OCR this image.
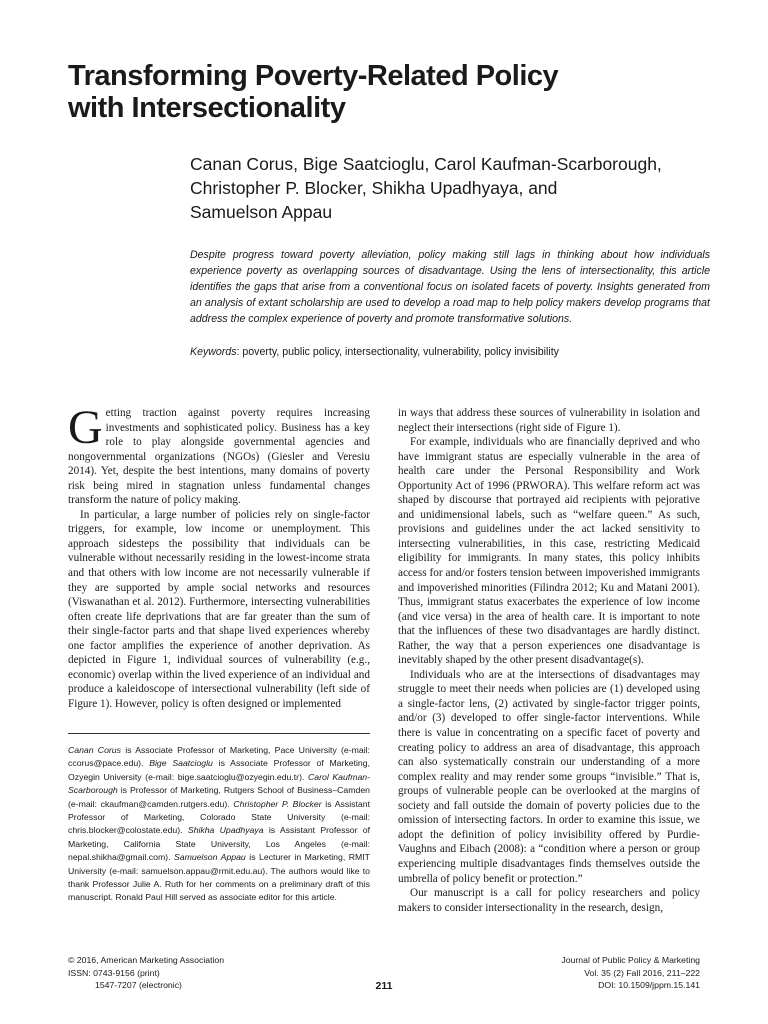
Transforming Poverty-Related Policy
with Intersectionality
Canan Corus, Bige Saatcioglu, Carol Kaufman-Scarborough,
Christopher P. Blocker, Shikha Upadhyaya, and
Samuelson Appau
Despite progress toward poverty alleviation, policy making still lags in thinking about how individuals experience poverty as overlapping sources of disadvantage. Using the lens of intersectionality, this article identifies the gaps that arise from a conventional focus on isolated facets of poverty. Insights generated from an analysis of extant scholarship are used to develop a road map to help policy makers develop programs that address the complex experience of poverty and promote transformative solutions.
Keywords: poverty, public policy, intersectionality, vulnerability, policy invisibility

Getting traction against poverty requires increasing investments and sophisticated policy. Business has a key role to play alongside governmental agencies and nongovernmental organizations (NGOs) (Giesler and Veresiu 2014). Yet, despite the best intentions, many domains of poverty risk being mired in stagnation unless fundamental changes transform the nature of policy making.

In particular, a large number of policies rely on single-factor triggers, for example, low income or unemployment. This approach sidesteps the possibility that individuals can be vulnerable without necessarily residing in the lowest-income strata and that others with low income are not necessarily vulnerable if they are supported by ample social networks and resources (Viswanathan et al. 2012). Furthermore, intersecting vulnerabilities often create life deprivations that are far greater than the sum of their single-factor parts and that shape lived experiences whereby one factor amplifies the experience of another deprivation. As depicted in Figure 1, individual sources of vulnerability (e.g., economic) overlap within the lived experience of an individual and produce a kaleidoscope of intersectional vulnerability (left side of Figure 1). However, policy is often designed or implemented

Canan Corus is Associate Professor of Marketing, Pace University (e-mail: ccorus@pace.edu). Bige Saatcioglu is Associate Professor of Marketing, Ozyegin University (e-mail: bige.saatcioglu@ozyegin.edu.tr). Carol Kaufman-Scarborough is Professor of Marketing, Rutgers School of Business–Camden (e-mail: ckaufman@camden.rutgers.edu). Christopher P. Blocker is Assistant Professor of Marketing, Colorado State University (e-mail: chris.blocker@colostate.edu). Shikha Upadhyaya is Assistant Professor of Marketing, California State University, Los Angeles (e-mail: nepal.shikha@gmail.com). Samuelson Appau is Lecturer in Marketing, RMIT University (e-mail: samuelson.appau@rmit.edu.au). The authors would like to thank Professor Julie A. Ruth for her comments on a preliminary draft of this manuscript. Ronald Paul Hill served as associate editor for this article.

in ways that address these sources of vulnerability in isolation and neglect their intersections (right side of Figure 1).

For example, individuals who are financially deprived and who have immigrant status are especially vulnerable in the area of health care under the Personal Responsibility and Work Opportunity Act of 1996 (PRWORA). This welfare reform act was shaped by discourse that portrayed aid recipients with pejorative and unidimensional labels, such as “welfare queen.” As such, provisions and guidelines under the act lacked sensitivity to intersecting vulnerabilities, in this case, restricting Medicaid eligibility for immigrants. In many states, this policy inhibits access for and/or fosters tension between impoverished immigrants and impoverished minorities (Filindra 2012; Ku and Matani 2001). Thus, immigrant status exacerbates the experience of low income (and vice versa) in the area of health care. It is important to note that the influences of these two disadvantages are hardly distinct. Rather, the way that a person experiences one disadvantage is inevitably shaped by the other present disadvantage(s).

Individuals who are at the intersections of disadvantages may struggle to meet their needs when policies are (1) developed using a single-factor lens, (2) activated by single-factor trigger points, and/or (3) developed to offer single-factor interventions. While there is value in concentrating on a specific facet of poverty and creating policy to address an area of disadvantage, this approach can also systematically constrain our understanding of a more complex reality and may render some groups “invisible.” That is, groups of vulnerable people can be overlooked at the margins of society and fall outside the domain of poverty policies due to the omission of intersecting factors. In order to examine this issue, we adopt the definition of policy invisibility offered by Purdie-Vaughns and Eibach (2008): a “condition where a person or group experiencing multiple disadvantages finds themselves outside the umbrella of policy benefit or protection.”

Our manuscript is a call for policy researchers and policy makers to consider intersectionality in the research, design,

© 2016, American Marketing Association
ISSN: 0743-9156 (print)
1547-7207 (electronic)	211
Journal of Public Policy & Marketing
Vol. 35 (2) Fall 2016, 211–222
DOI: 10.1509/jppm.15.141
